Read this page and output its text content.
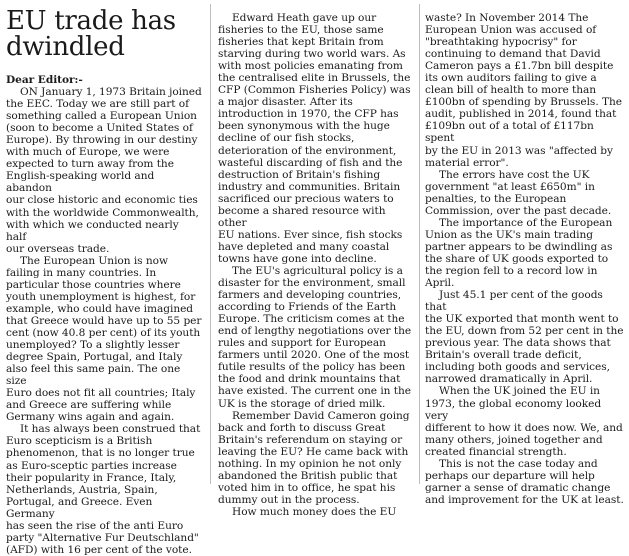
EU trade has
dwindled
Dear Editor:-
ON January 1, 1973 Britain joined
the EEC. Today we are still part of
something called a European Union
(soon to become a United States of
Europe). By throwing in our destiny
with much of Europe, we were
expected to turn away from the
English-speaking world and abandon
our close historic and economic ties
with the worldwide Commonwealth,
with which we conducted nearly half
our overseas trade.
The European Union is now
failing in many countries. In
particular those countries where
youth unemployment is highest, for
example, who could have imagined
that Greece would have up to 55 per
cent (now 40.8 per cent) of its youth
unemployed? To a slightly lesser
degree Spain, Portugal, and Italy
also feel this same pain. The one size
Euro does not fit all countries; Italy
and Greece are suffering while
Germany wins again and again.
It has always been construed that
Euro scepticism is a British
phenomenon, that is no longer true
as Euro-sceptic parties increase
their popularity in France, Italy,
Netherlands, Austria, Spain,
Portugal, and Greece. Even Germany
has seen the rise of the anti Euro
party "Alternative Fur Deutschland"
(AFD) with 16 per cent of the vote.
Edward Heath gave up our
fisheries to the EU, those same
fisheries that kept Britain from
starving during two world wars. As
with most policies emanating from
the centralised elite in Brussels, the
CFP (Common Fisheries Policy) was
a major disaster. After its
introduction in 1970, the CFP has
been synonymous with the huge
decline of our fish stocks,
deterioration of the environment,
wasteful discarding of fish and the
destruction of Britain's fishing
industry and communities. Britain
sacrificed our precious waters to
become a shared resource with other
EU nations. Ever since, fish stocks
have depleted and many coastal
towns have gone into decline.
The EU's agricultural policy is a
disaster for the environment, small
farmers and developing countries,
according to Friends of the Earth
Europe. The criticism comes at the
end of lengthy negotiations over the
rules and support for European
farmers until 2020. One of the most
futile results of the policy has been
the food and drink mountains that
have existed. The current one in the
UK is the storage of dried milk.
Remember David Cameron going
back and forth to discuss Great
Britain's referendum on staying or
leaving the EU? He came back with
nothing. In my opinion he not only
abandoned the British public that
voted him in to office, he spat his
dummy out in the process.
How much money does the EU
waste? In November 2014 The
European Union was accused of
"breathtaking hypocrisy" for
continuing to demand that David
Cameron pays a £1.7bn bill despite
its own auditors failing to give a
clean bill of health to more than
£100bn of spending by Brussels. The
audit, published in 2014, found that
£109bn out of a total of £117bn spent
by the EU in 2013 was "affected by
material error".
The errors have cost the UK
government "at least £650m" in
penalties, to the European
Commission, over the past decade.
The importance of the European
Union as the UK's main trading
partner appears to be dwindling as
the share of UK goods exported to
the region fell to a record low in
April.
Just 45.1 per cent of the goods that
the UK exported that month went to
the EU, down from 52 per cent in the
previous year. The data shows that
Britain's overall trade deficit,
including both goods and services,
narrowed dramatically in April.
When the UK joined the EU in
1973, the global economy looked very
different to how it does now. We, and
many others, joined together and
created financial strength.
This is not the case today and
perhaps our departure will help
garner a sense of dramatic change
and improvement for the UK at least.
